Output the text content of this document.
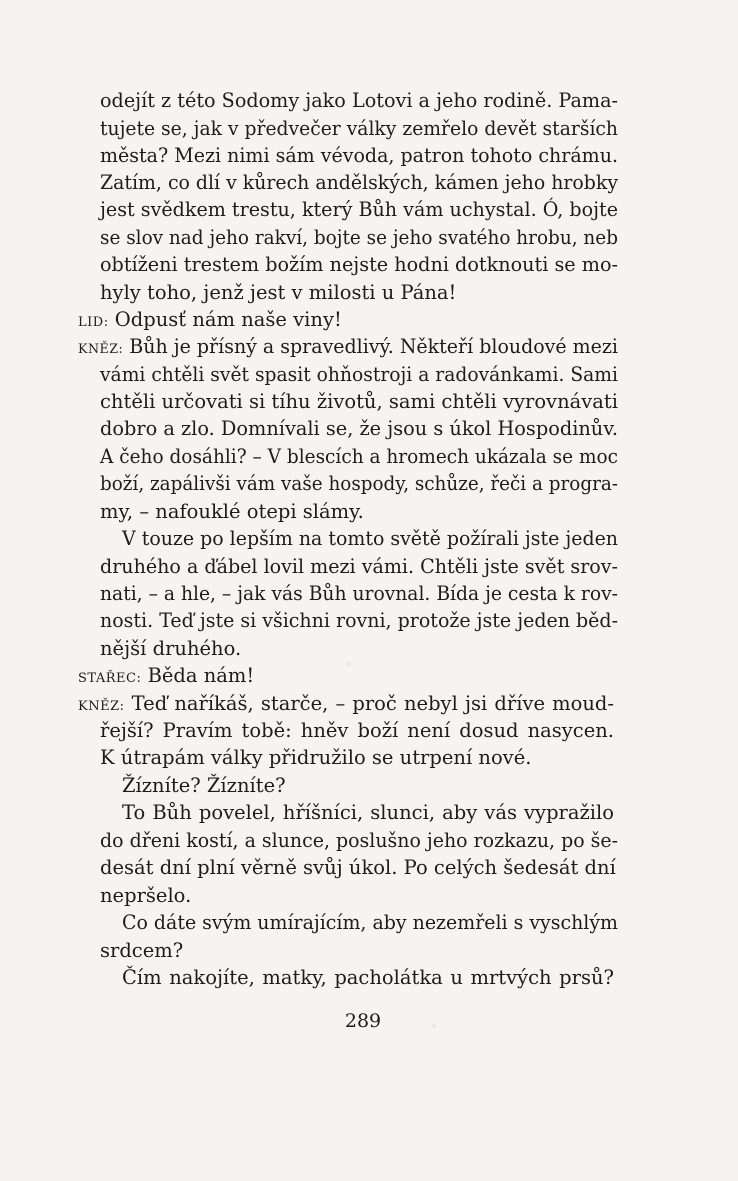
odejít z této Sodomy jako Lotovi a jeho rodině. Pama-
tujete se, jak v předvečer války zemřelo devět starších
města? Mezi nimi sám vévoda, patron tohoto chrámu.
Zatím, co dlí v kůrech andělských, kámen jeho hrobky
jest svědkem trestu, který Bůh vám uchystal. Ó, bojte
se slov nad jeho rakví, bojte se jeho svatého hrobu, neb
obtíženi trestem božím nejste hodni dotknouti se mo-
hyly toho, jenž jest v milosti u Pána!
LID: Odpusť nám naše viny!
KNĚZ: Bůh je přísný a spravedlivý. Někteří bloudové mezi
vámi chtěli svět spasit ohňostroji a radovánkami. Sami
chtěli určovati si tíhu životů, sami chtěli vyrovnávati
dobro a zlo. Domnívali se, že jsou s úkol Hospodinův.
A čeho dosáhli? – V blescích a hromech ukázala se moc
boží, zapálivši vám vaše hospody, schůze, řeči a progra-
my, – nafouklé otepi slámy.
V touze po lepším na tomto světě požírali jste jeden
druhého a ďábel lovil mezi vámi. Chtěli jste svět srov-
nati, – a hle, – jak vás Bůh urovnal. Bída je cesta k rov-
nosti. Teď jste si všichni rovni, protože jste jeden běd-
nější druhého.
STAŘEC: Běda nám!
KNĚZ: Teď naříkáš, starče, – proč nebyl jsi dříve moud-
řejší? Pravím tobě: hněv boží není dosud nasycen.
K útrapám války přidružilo se utrpení nové.
Žízníte? Žízníte?
To Bůh povelel, hříšníci, slunci, aby vás vypražilo
do dřeni kostí, a slunce, poslušno jeho rozkazu, po še-
desát dní plní věrně svůj úkol. Po celých šedesát dní
nepršelo.
Co dáte svým umírajícím, aby nezemřeli s vyschlým
srdcem?
Čím nakojíte, matky, pacholátka u mrtvých prsů?
289
